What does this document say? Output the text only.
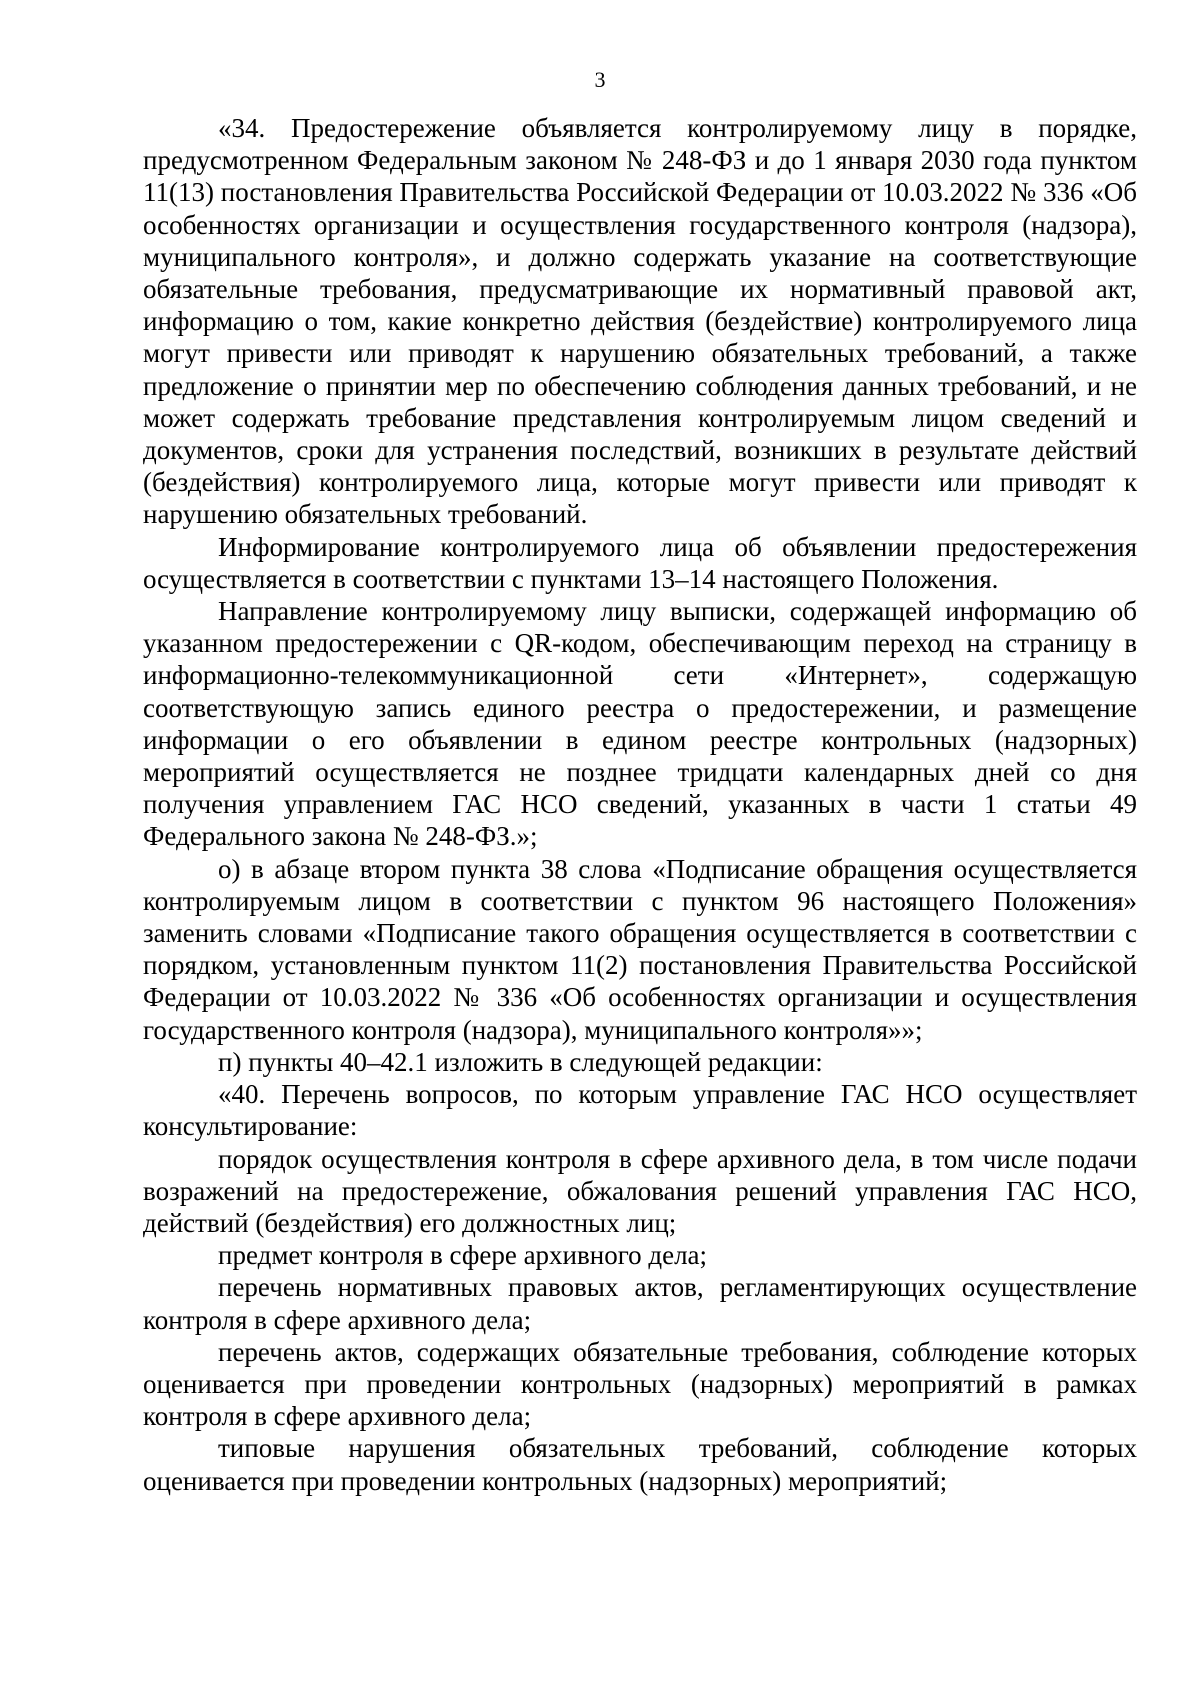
3

«34. Предостережение объявляется контролируемому лицу в порядке, предусмотренном Федеральным законом № 248-ФЗ и до 1 января 2030 года пунктом 11(13) постановления Правительства Российской Федерации от 10.03.2022 № 336 «Об особенностях организации и осуществления государственного контроля (надзора), муниципального контроля», и должно содержать указание на соответствующие обязательные требования, предусматривающие их нормативный правовой акт, информацию о том, какие конкретно действия (бездействие) контролируемого лица могут привести или приводят к нарушению обязательных требований, а также предложение о принятии мер по обеспечению соблюдения данных требований, и не может содержать требование представления контролируемым лицом сведений и документов, сроки для устранения последствий, возникших в результате действий (бездействия) контролируемого лица, которые могут привести или приводят к нарушению обязательных требований.

Информирование контролируемого лица об объявлении предостережения осуществляется в соответствии с пунктами 13–14 настоящего Положения.

Направление контролируемому лицу выписки, содержащей информацию об указанном предостережении с QR-кодом, обеспечивающим переход на страницу в информационно-телекоммуникационной сети «Интернет», содержащую соответствующую запись единого реестра о предостережении, и размещение информации о его объявлении в едином реестре контрольных (надзорных) мероприятий осуществляется не позднее тридцати календарных дней со дня получения управлением ГАС НСО сведений, указанных в части 1 статьи 49 Федерального закона № 248-ФЗ.»;

о) в абзаце втором пункта 38 слова «Подписание обращения осуществляется контролируемым лицом в соответствии с пунктом 96 настоящего Положения» заменить словами «Подписание такого обращения осуществляется в соответствии с порядком, установленным пунктом 11(2) постановления Правительства Российской Федерации от 10.03.2022 № 336 «Об особенностях организации и осуществления государственного контроля (надзора), муниципального контроля»»;

п) пункты 40–42.1 изложить в следующей редакции:

«40. Перечень вопросов, по которым управление ГАС НСО осуществляет консультирование:

порядок осуществления контроля в сфере архивного дела, в том числе подачи возражений на предостережение, обжалования решений управления ГАС НСО, действий (бездействия) его должностных лиц;

предмет контроля в сфере архивного дела;

перечень нормативных правовых актов, регламентирующих осуществление контроля в сфере архивного дела;

перечень актов, содержащих обязательные требования, соблюдение которых оценивается при проведении контрольных (надзорных) мероприятий в рамках контроля в сфере архивного дела;

типовые нарушения обязательных требований, соблюдение которых оценивается при проведении контрольных (надзорных) мероприятий;
